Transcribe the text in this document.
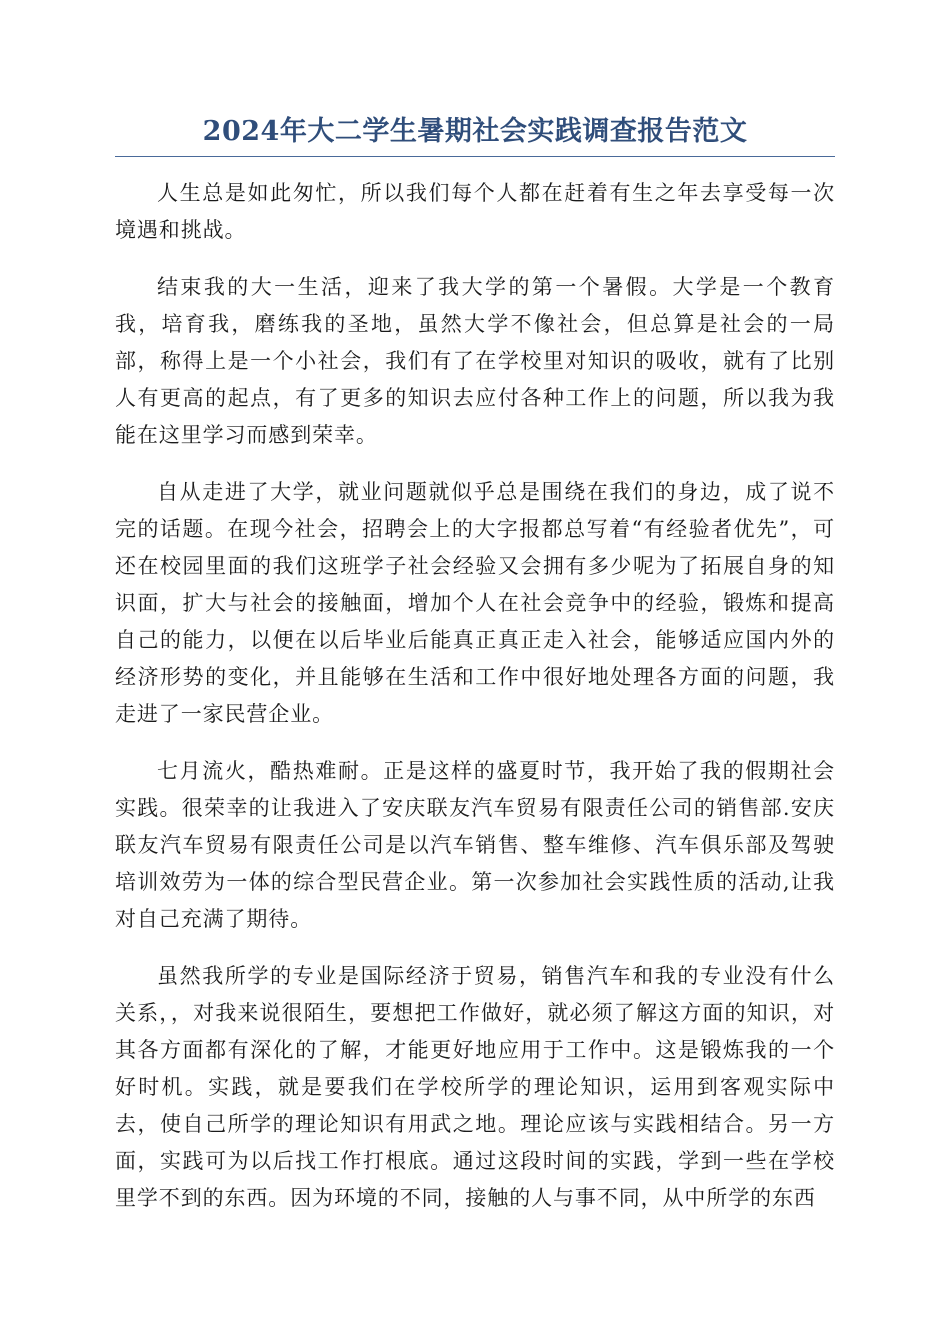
2024年大二学生暑期社会实践调查报告范文

人生总是如此匆忙，所以我们每个人都在赶着有生之年去享受每一次境遇和挑战。

结束我的大一生活，迎来了我大学的第一个暑假。大学是一个教育我，培育我，磨练我的圣地，虽然大学不像社会，但总算是社会的一局部，称得上是一个小社会，我们有了在学校里对知识的吸收，就有了比别人有更高的起点，有了更多的知识去应付各种工作上的问题，所以我为我能在这里学习而感到荣幸。

自从走进了大学，就业问题就似乎总是围绕在我们的身边，成了说不完的话题。在现今社会，招聘会上的大字报都总写着“有经验者优先”，可还在校园里面的我们这班学子社会经验又会拥有多少呢为了拓展自身的知识面，扩大与社会的接触面，增加个人在社会竞争中的经验，锻炼和提高自己的能力，以便在以后毕业后能真正真正走入社会，能够适应国内外的经济形势的变化，并且能够在生活和工作中很好地处理各方面的问题，我走进了一家民营企业。

七月流火，酷热难耐。正是这样的盛夏时节，我开始了我的假期社会实践。很荣幸的让我进入了安庆联友汽车贸易有限责任公司的销售部.安庆联友汽车贸易有限责任公司是以汽车销售、整车维修、汽车俱乐部及驾驶培训效劳为一体的综合型民营企业。第一次参加社会实践性质的活动,让我对自己充满了期待。

虽然我所学的专业是国际经济于贸易，销售汽车和我的专业没有什么关系，，对我来说很陌生，要想把工作做好，就必须了解这方面的知识，对其各方面都有深化的了解，才能更好地应用于工作中。这是锻炼我的一个好时机。实践，就是要我们在学校所学的理论知识，运用到客观实际中去，使自己所学的理论知识有用武之地。理论应该与实践相结合。另一方面，实践可为以后找工作打根底。通过这段时间的实践，学到一些在学校里学不到的东西。因为环境的不同，接触的人与事不同，从中所学的东西
